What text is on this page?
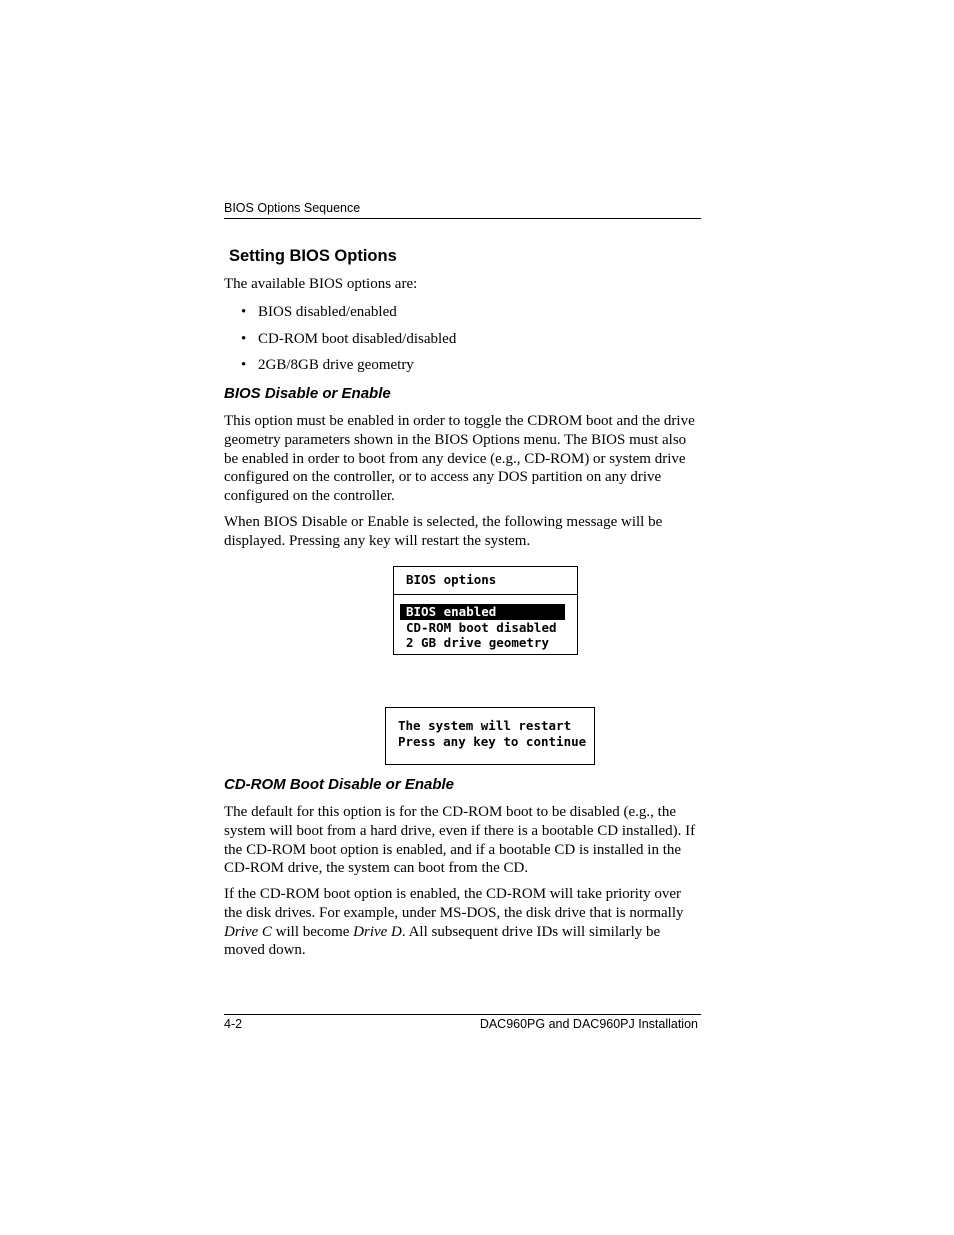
BIOS Options Sequence
Setting BIOS Options

The available BIOS options are:

• BIOS disabled/enabled
• CD-ROM boot disabled/disabled
• 2GB/8GB drive geometry
BIOS Disable or Enable

This option must be enabled in order to toggle the CDROM boot and the drive geometry parameters shown in the BIOS Options menu. The BIOS must also be enabled in order to boot from any device (e.g., CD-ROM) or system drive configured on the controller, or to access any DOS partition on any drive configured on the controller.

When BIOS Disable or Enable is selected, the following message will be displayed. Pressing any key will restart the system.

BIOS options
BIOS enabled
CD-ROM boot disabled
2 GB drive geometry
The system will restart
Press any key to continue
CD-ROM Boot Disable or Enable

The default for this option is for the CD-ROM boot to be disabled (e.g., the system will boot from a hard drive, even if there is a bootable CD installed). If the CD-ROM boot option is enabled, and if a bootable CD is installed in the CD-ROM drive, the system can boot from the CD.

If the CD-ROM boot option is enabled, the CD-ROM will take priority over the disk drives. For example, under MS-DOS, the disk drive that is normally Drive C will become Drive D. All subsequent drive IDs will similarly be moved down.

4-2	DAC960PG and DAC960PJ Installation
